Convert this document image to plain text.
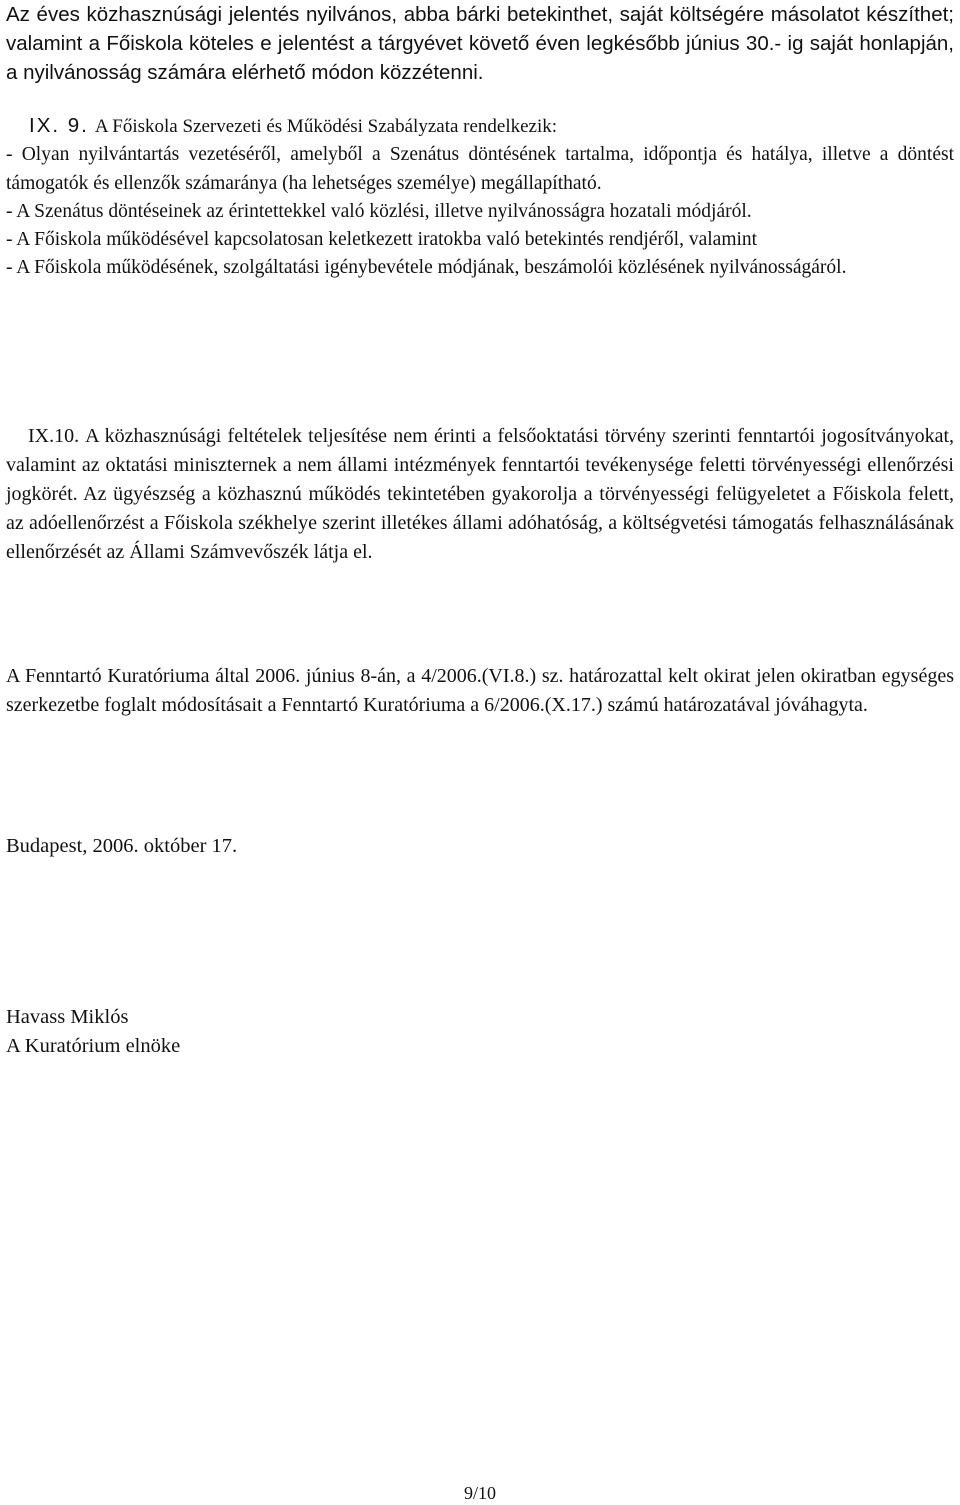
Az éves közhasznúsági jelentés nyilvános, abba bárki betekinthet, saját költségére másolatot készíthet; valamint a Főiskola köteles e jelentést a tárgyévet követő éven legkésőbb június 30.- ig saját honlapján, a nyilvánosság számára elérhető módon közzétenni.

IX. 9. A Főiskola Szervezeti és Működési Szabályzata rendelkezik:

- Olyan nyilvántartás vezetéséről, amelyből a Szenátus döntésének tartalma, időpontja és hatálya, illetve a döntést támogatók és ellenzők számaránya (ha lehetséges személye) megállapítható.

- A Szenátus döntéseinek az érintettekkel való közlési, illetve nyilvánosságra hozatali módjáról.

- A Főiskola működésével kapcsolatosan keletkezett iratokba való betekintés rendjéről, valamint

- A Főiskola működésének, szolgáltatási igénybevétele módjának, beszámolói közlésének nyilvánosságáról.

IX.10. A közhasznúsági feltételek teljesítése nem érinti a felsőoktatási törvény szerinti fenntartói jogosítványokat, valamint az oktatási miniszternek a nem állami intézmények fenntartói tevékenysége feletti törvényességi ellenőrzési jogkörét. Az ügyészség a közhasznú működés tekintetében gyakorolja a törvényességi felügyeletet a Főiskola felett, az adóellenőrzést a Főiskola székhelye szerint illetékes állami adóhatóság, a költségvetési támogatás felhasználásának ellenőrzését az Állami Számvevőszék látja el.

A Fenntartó Kuratóriuma által 2006. június 8-án, a 4/2006.(VI.8.) sz. határozattal kelt okirat jelen okiratban egységes szerkezetbe foglalt módosításait a Fenntartó Kuratóriuma a 6/2006.(X.17.) számú határozatával jóváhagyta.

Budapest, 2006. október 17.

Havass Miklós
A Kuratórium elnöke
9/10
